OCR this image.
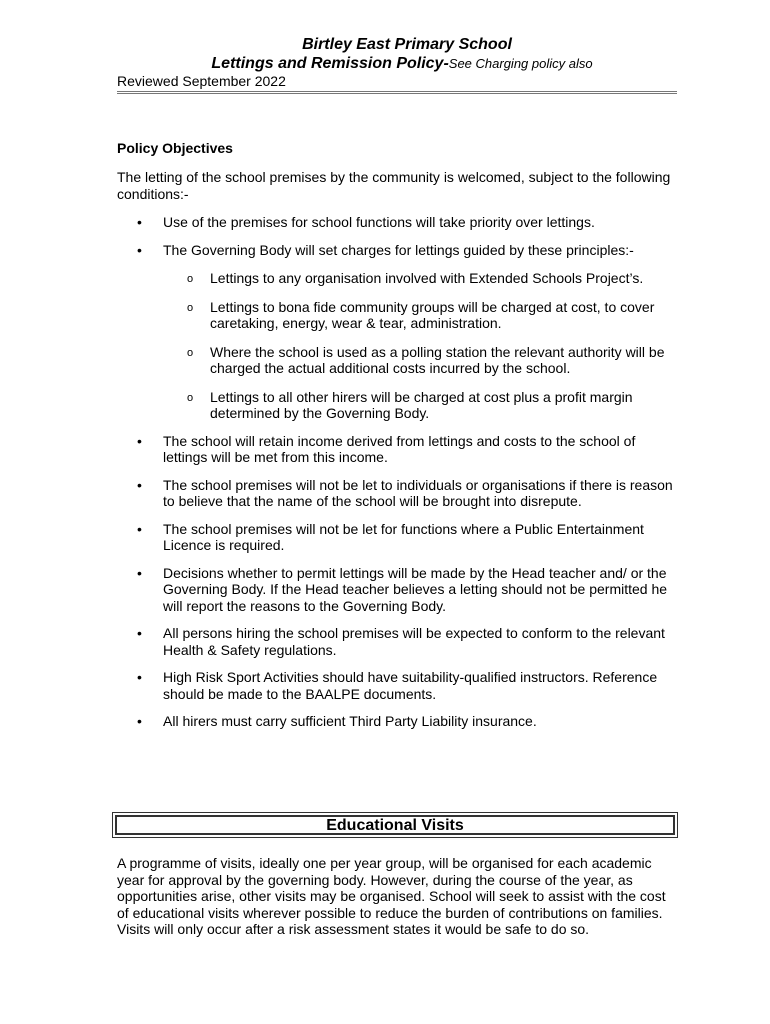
Birtley East Primary School
Lettings and Remission Policy-See Charging policy also
Reviewed September 2022

Policy Objectives

The letting of the school premises by the community is welcomed, subject to the following conditions:-

• Use of the premises for school functions will take priority over lettings.
• The Governing Body will set charges for lettings guided by these principles:-
o Lettings to any organisation involved with Extended Schools Project’s.
o Lettings to bona fide community groups will be charged at cost, to cover caretaking, energy, wear & tear, administration.
o Where the school is used as a polling station the relevant authority will be charged the actual additional costs incurred by the school.
o Lettings to all other hirers will be charged at cost plus a profit margin determined by the Governing Body.
• The school will retain income derived from lettings and costs to the school of lettings will be met from this income.
• The school premises will not be let to individuals or organisations if there is reason to believe that the name of the school will be brought into disrepute.
• The school premises will not be let for functions where a Public Entertainment Licence is required.
• Decisions whether to permit lettings will be made by the Head teacher and/ or the Governing Body. If the Head teacher believes a letting should not be permitted he will report the reasons to the Governing Body.
• All persons hiring the school premises will be expected to conform to the relevant Health & Safety regulations.
• High Risk Sport Activities should have suitability-qualified instructors. Reference should be made to the BAALPE documents.
• All hirers must carry sufficient Third Party Liability insurance.
Educational Visits

A programme of visits, ideally one per year group, will be organised for each academic year for approval by the governing body. However, during the course of the year, as opportunities arise, other visits may be organised. School will seek to assist with the cost of educational visits wherever possible to reduce the burden of contributions on families. Visits will only occur after a risk assessment states it would be safe to do so.
